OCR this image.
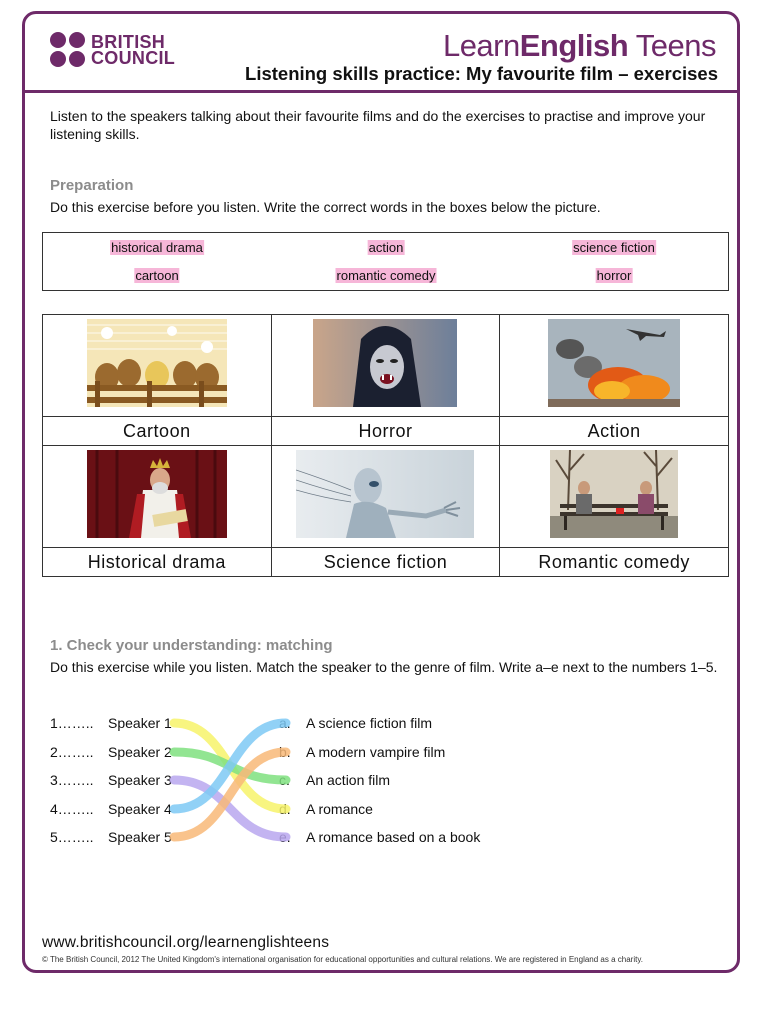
BRITISH
COUNCIL	LearnEnglish Teens
Listening skills practice: My favourite film – exercises
Listen to the speakers talking about their favourite films and do the exercises to practise and improve your listening skills.
Preparation
Do this exercise before you listen. Write the correct words in the boxes below the picture.
historical drama	action	science fiction
cartoon	romantic comedy	horror

Cartoon	Horror	Action

Historical drama	Science fiction	Romantic comedy
1. Check your understanding: matching
Do this exercise while you listen. Match the speaker to the genre of film. Write a–e next to the numbers 1–5.
1…….. Speaker 1	a. A science fiction film
2…….. Speaker 2	b. A modern vampire film
3…….. Speaker 3	c. An action film
4…….. Speaker 4	d. A romance
5…….. Speaker 5	e. A romance based on a book
www.britishcouncil.org/learnenglishteens
© The British Council, 2012 The United Kingdom's international organisation for educational opportunities and cultural relations. We are registered in England as a charity.
